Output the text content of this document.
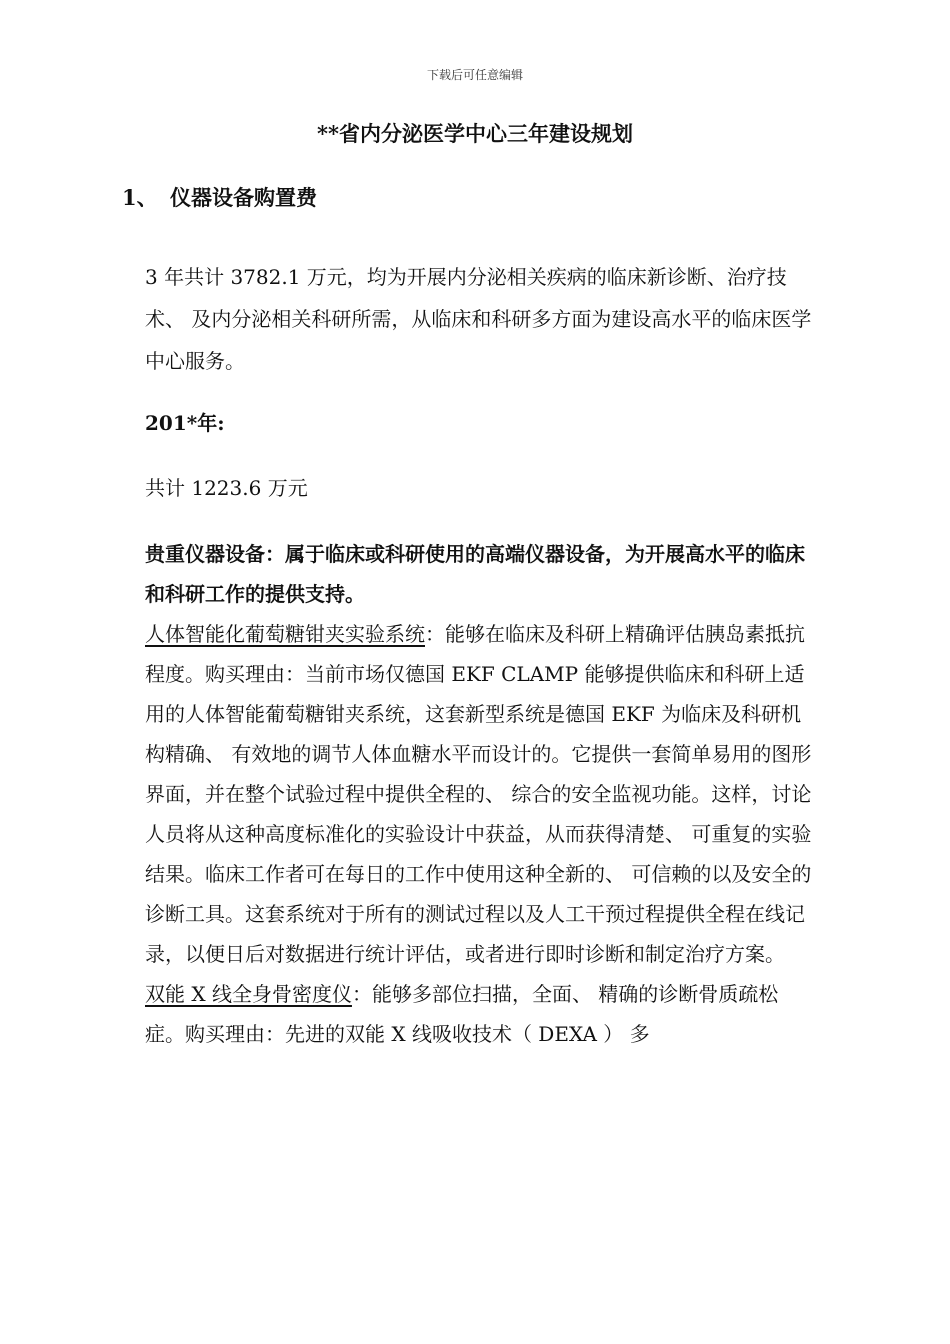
下载后可任意编辑
**省内分泌医学中心三年建设规划
1、 仪器设备购置费
3 年共计 3782.1 万元，均为开展内分泌相关疾病的临床新诊断、治疗技术、 及内分泌相关科研所需，从临床和科研多方面为建设高水平的临床医学中心服务。
201*年:
共计 1223.6 万元

贵重仪器设备：属于临床或科研使用的高端仪器设备，为开展高水平的临床和科研工作的提供支持。

人体智能化葡萄糖钳夹实验系统：能够在临床及科研上精确评估胰岛素抵抗程度。购买理由：当前市场仅德国 EKF CLAMP 能够提供临床和科研上适用的人体智能葡萄糖钳夹系统，这套新型系统是德国 EKF 为临床及科研机构精确、 有效地的调节人体血糖水平而设计的。它提供一套简单易用的图形界面，并在整个试验过程中提供全程的、 综合的安全监视功能。这样，讨论人员将从这种高度标准化的实验设计中获益，从而获得清楚、 可重复的实验结果。临床工作者可在每日的工作中使用这种全新的、 可信赖的以及安全的诊断工具。这套系统对于所有的测试过程以及人工干预过程提供全程在线记录，以便日后对数据进行统计评估，或者进行即时诊断和制定治疗方案。

双能 X 线全身骨密度仪：能够多部位扫描，全面、 精确的诊断骨质疏松症。购买理由：先进的双能 X 线吸收技术（ DEXA ） 多
